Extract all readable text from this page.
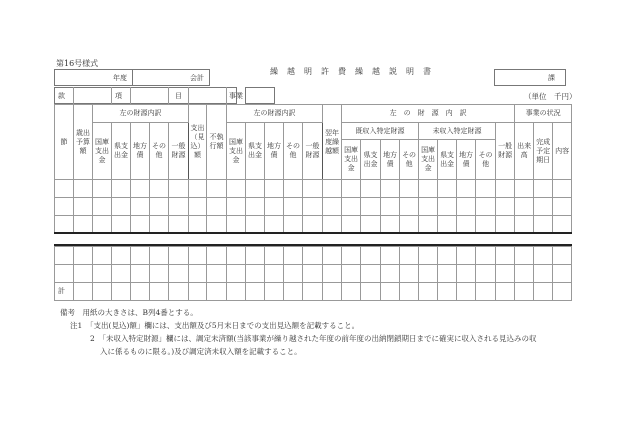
第16号様式
年度	会計
繰越明許費繰越説明書
課
款	項	目	事業	（単位　千円）
節	歳出予算額	左の財源内訳					支出（見込）額	不執行額	左の財源内訳					翌年度繰越額	左　の　財　源　内　訳									事業の状況		
		国庫支出金	県支出金	地方債	その他	一般財源			国庫支出金	県支出金	地方債	その他	一般財源		既収入特定財源				未収入特定財源				一般財源	出来高	完成予定期日	内容
															国庫支出金	県支出金	地方債	その他	国庫支出金	県支出金	地方債	その他				

計																										
備考　用紙の大きさは、B列4番とする。
注1　「支出(見込)額」欄には、支出額及び5月末日までの支出見込額を記載すること。
2　「未収入特定財源」欄には、調定未済額(当該事業が繰り越された年度の前年度の出納閉鎖期日までに確実に収入される見込みの収
入に係るものに限る。)及び調定済未収入額を記載すること。
